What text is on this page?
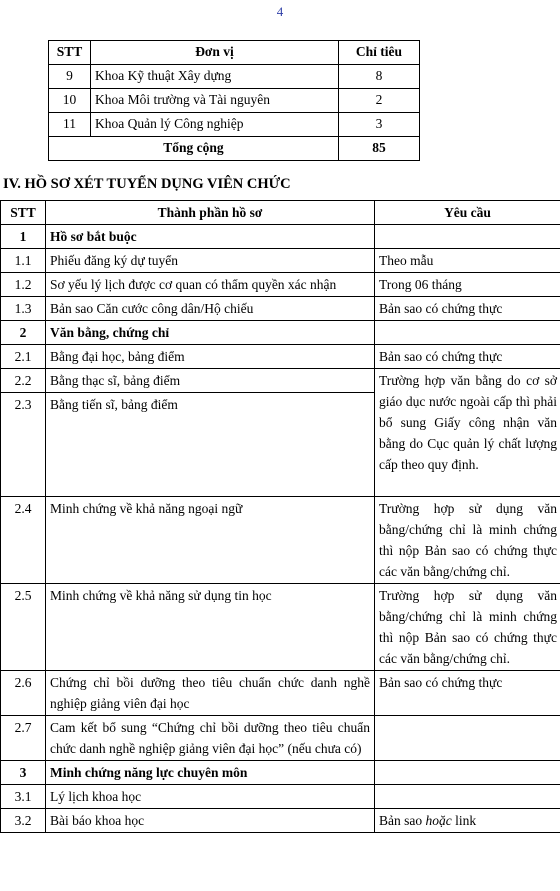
4
STT	Đơn vị	Chỉ tiêu
9	Khoa Kỹ thuật Xây dựng	8
10	Khoa Môi trường và Tài nguyên	2
11	Khoa Quản lý Công nghiệp	3
Tổng cộng		85
IV. HỒ SƠ XÉT TUYỂN DỤNG VIÊN CHỨC
STT	Thành phần hồ sơ	Yêu cầu
1	Hồ sơ bắt buộc	
1.1	Phiếu đăng ký dự tuyển	Theo mẫu
1.2	Sơ yếu lý lịch được cơ quan có thẩm quyền xác nhận	Trong 06 tháng
1.3	Bản sao Căn cước công dân/Hộ chiếu	Bản sao có chứng thực
2	Văn bằng, chứng chỉ	
2.1	Bằng đại học, bảng điểm	Bản sao có chứng thực
2.2	Bằng thạc sĩ, bảng điểm	Trường hợp văn bằng do cơ sở giáo dục nước ngoài cấp thì phải bổ sung Giấy công nhận văn bằng do Cục quản lý chất lượng cấp theo quy định.
2.3	Bằng tiến sĩ, bảng điểm	
2.4	Minh chứng về khả năng ngoại ngữ	Trường hợp sử dụng văn bằng/chứng chỉ là minh chứng thì nộp Bản sao có chứng thực các văn bằng/chứng chỉ.
2.5	Minh chứng về khả năng sử dụng tin học	Trường hợp sử dụng văn bằng/chứng chỉ là minh chứng thì nộp Bản sao có chứng thực các văn bằng/chứng chỉ.
2.6	Chứng chỉ bồi dưỡng theo tiêu chuẩn chức danh nghề nghiệp giảng viên đại học	Bản sao có chứng thực
2.7	Cam kết bổ sung “Chứng chỉ bồi dưỡng theo tiêu chuẩn chức danh nghề nghiệp giảng viên đại học” (nếu chưa có)	
3	Minh chứng năng lực chuyên môn	
3.1	Lý lịch khoa học	
3.2	Bài báo khoa học	Bản sao hoặc link
